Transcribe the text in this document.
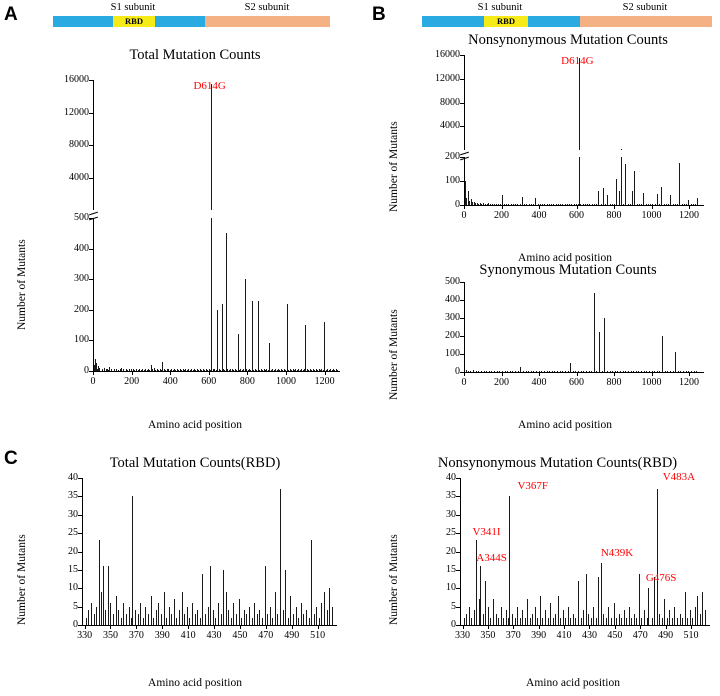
A	S1 subunit	S2 subunit
RBD
Total Mutation Counts
Number of Mutants
Amino acid position
0	200	400	600	800	1000	1200
0
100
200
300
400
500
4000
8000
12000
16000
D614G
B	S1 subunit	S2 subunit
RBD
Nonsynonymous Mutation Counts
Number of Mutants
Amino acid position
0	200	400	600	800	1000	1200
0
100
200
4000
8000
12000
16000
D614G
Synonymous Mutation Counts
Number of Mutants
Amino acid position
0	200	400	600	800	1000	1200
0
100
200
300
400
500
C	Total Mutation Counts(RBD)
Number of Mutants
Amino acid position
330	350	370	390	410	430	450	470	490	510
0
5
10
15
20
25
30
35
40
Nonsynonymous Mutation Counts(RBD)
Number of Mutants
Amino acid position
330	350	370	390	410	430	450	470	490	510
0
5
10
15
20
25
30
35
40
V341I
A344S
V367F
N439K
G476S
V483A
